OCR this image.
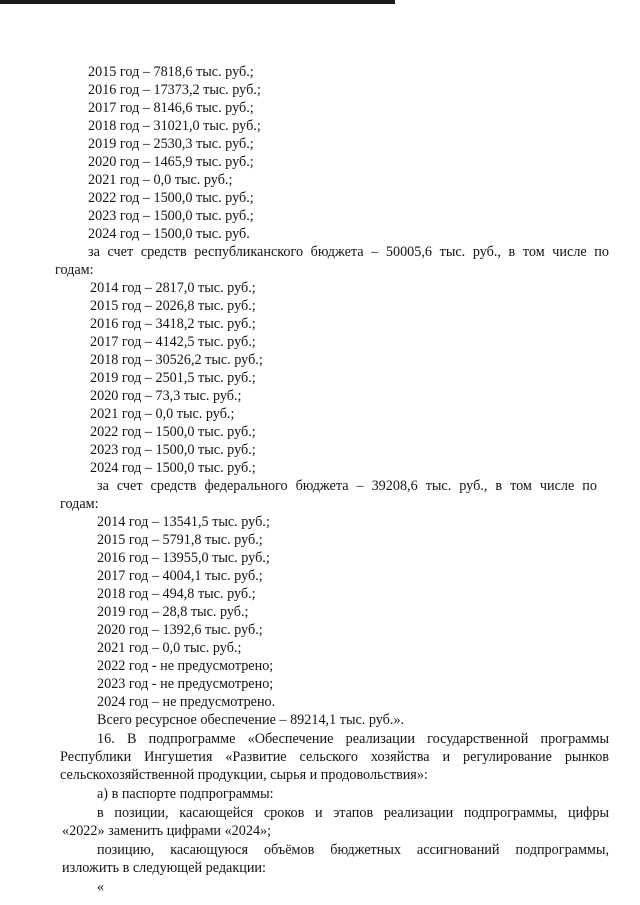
2015 год – 7818,6 тыс. руб.;
2016 год – 17373,2 тыс. руб.;
2017 год – 8146,6 тыс. руб.;
2018 год – 31021,0 тыс. руб.;
2019 год – 2530,3 тыс. руб.;
2020 год – 1465,9 тыс. руб.;
2021 год – 0,0 тыс. руб.;
2022 год – 1500,0 тыс. руб.;
2023 год – 1500,0 тыс. руб.;
2024 год – 1500,0 тыс. руб.
за счет средств республиканского бюджета – 50005,6 тыс. руб., в том числе по
годам:
2014 год – 2817,0 тыс. руб.;
2015 год – 2026,8 тыс. руб.;
2016 год – 3418,2 тыс. руб.;
2017 год – 4142,5 тыс. руб.;
2018 год – 30526,2 тыс. руб.;
2019 год – 2501,5 тыс. руб.;
2020 год – 73,3 тыс. руб.;
2021 год – 0,0 тыс. руб.;
2022 год – 1500,0 тыс. руб.;
2023 год – 1500,0 тыс. руб.;
2024 год – 1500,0 тыс. руб.;
за счет средств федерального бюджета – 39208,6 тыс. руб., в том числе по
годам:
2014 год – 13541,5 тыс. руб.;
2015 год – 5791,8 тыс. руб.;
2016 год – 13955,0 тыс. руб.;
2017 год – 4004,1 тыс. руб.;
2018 год – 494,8 тыс. руб.;
2019 год – 28,8 тыс. руб.;
2020 год – 1392,6 тыс. руб.;
2021 год – 0,0 тыс. руб.;
2022 год - не предусмотрено;
2023 год - не предусмотрено;
2024 год – не предусмотрено.
Всего ресурсное обеспечение – 89214,1 тыс. руб.».
16. В подпрограмме «Обеспечение реализации государственной программы
Республики Ингушетия «Развитие сельского хозяйства и регулирование рынков
сельскохозяйственной продукции, сырья и продовольствия»:
а) в паспорте подпрограммы:
в позиции, касающейся сроков и этапов реализации подпрограммы, цифры
«2022» заменить цифрами «2024»;
позицию, касающуюся объёмов бюджетных ассигнований подпрограммы,
изложить в следующей редакции:
«
